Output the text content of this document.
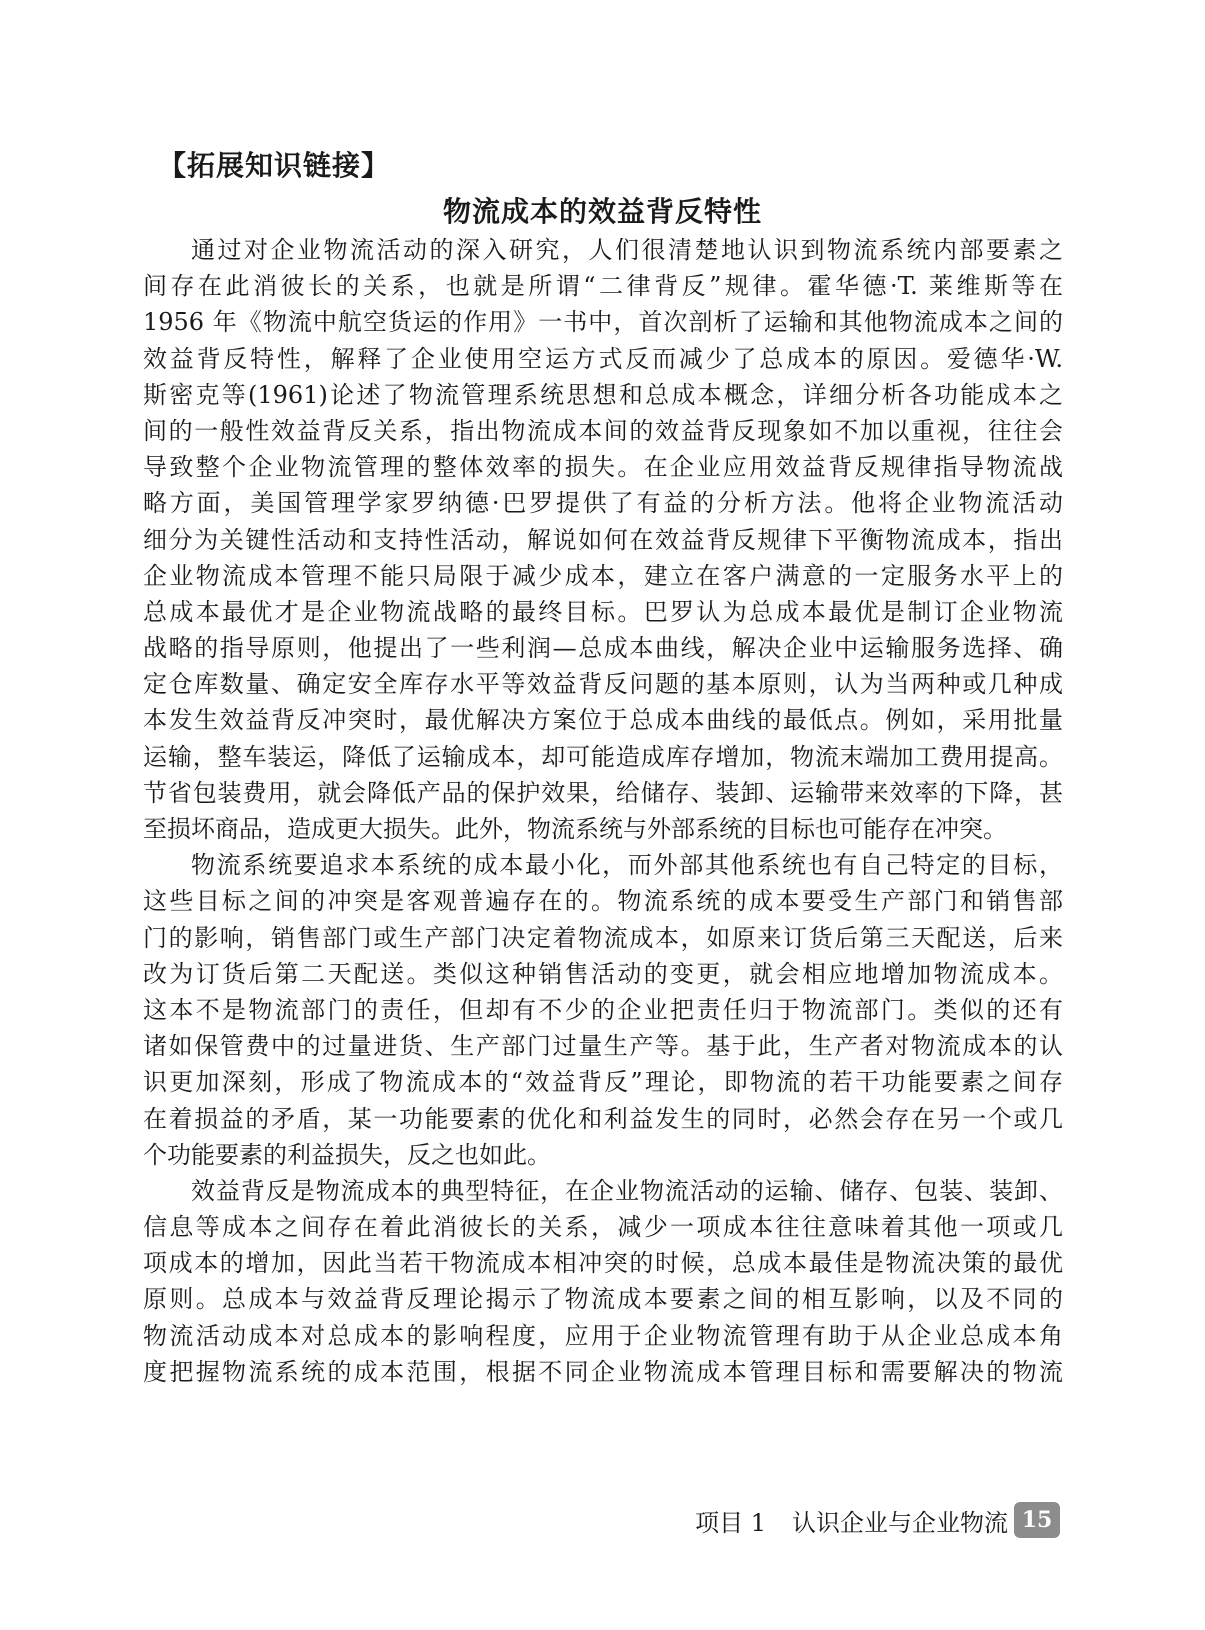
【拓展知识链接】
物流成本的效益背反特性
通过对企业物流活动的深入研究，人们很清楚地认识到物流系统内部要素之
间存在此消彼长的关系，也就是所谓“二律背反”规律。霍华德·T. 莱维斯等在
1956 年《物流中航空货运的作用》一书中，首次剖析了运输和其他物流成本之间的
效益背反特性，解释了企业使用空运方式反而减少了总成本的原因。爱德华·W.
斯密克等(1961)论述了物流管理系统思想和总成本概念，详细分析各功能成本之
间的一般性效益背反关系，指出物流成本间的效益背反现象如不加以重视，往往会
导致整个企业物流管理的整体效率的损失。在企业应用效益背反规律指导物流战
略方面，美国管理学家罗纳德·巴罗提供了有益的分析方法。他将企业物流活动
细分为关键性活动和支持性活动，解说如何在效益背反规律下平衡物流成本，指出
企业物流成本管理不能只局限于减少成本，建立在客户满意的一定服务水平上的
总成本最优才是企业物流战略的最终目标。巴罗认为总成本最优是制订企业物流
战略的指导原则，他提出了一些利润—总成本曲线，解决企业中运输服务选择、确
定仓库数量、确定安全库存水平等效益背反问题的基本原则，认为当两种或几种成
本发生效益背反冲突时，最优解决方案位于总成本曲线的最低点。例如，采用批量
运输，整车装运，降低了运输成本，却可能造成库存增加，物流末端加工费用提高。
节省包装费用，就会降低产品的保护效果，给储存、装卸、运输带来效率的下降，甚
至损坏商品，造成更大损失。此外，物流系统与外部系统的目标也可能存在冲突。
物流系统要追求本系统的成本最小化，而外部其他系统也有自己特定的目标，
这些目标之间的冲突是客观普遍存在的。物流系统的成本要受生产部门和销售部
门的影响，销售部门或生产部门决定着物流成本，如原来订货后第三天配送，后来
改为订货后第二天配送。类似这种销售活动的变更，就会相应地增加物流成本。
这本不是物流部门的责任，但却有不少的企业把责任归于物流部门。类似的还有
诸如保管费中的过量进货、生产部门过量生产等。基于此，生产者对物流成本的认
识更加深刻，形成了物流成本的“效益背反”理论，即物流的若干功能要素之间存
在着损益的矛盾，某一功能要素的优化和利益发生的同时，必然会存在另一个或几
个功能要素的利益损失，反之也如此。
效益背反是物流成本的典型特征，在企业物流活动的运输、储存、包装、装卸、
信息等成本之间存在着此消彼长的关系，减少一项成本往往意味着其他一项或几
项成本的增加，因此当若干物流成本相冲突的时候，总成本最佳是物流决策的最优
原则。总成本与效益背反理论揭示了物流成本要素之间的相互影响，以及不同的
物流活动成本对总成本的影响程度，应用于企业物流管理有助于从企业总成本角
度把握物流系统的成本范围，根据不同企业物流成本管理目标和需要解决的物流
项目 1 认识企业与企业物流 15
